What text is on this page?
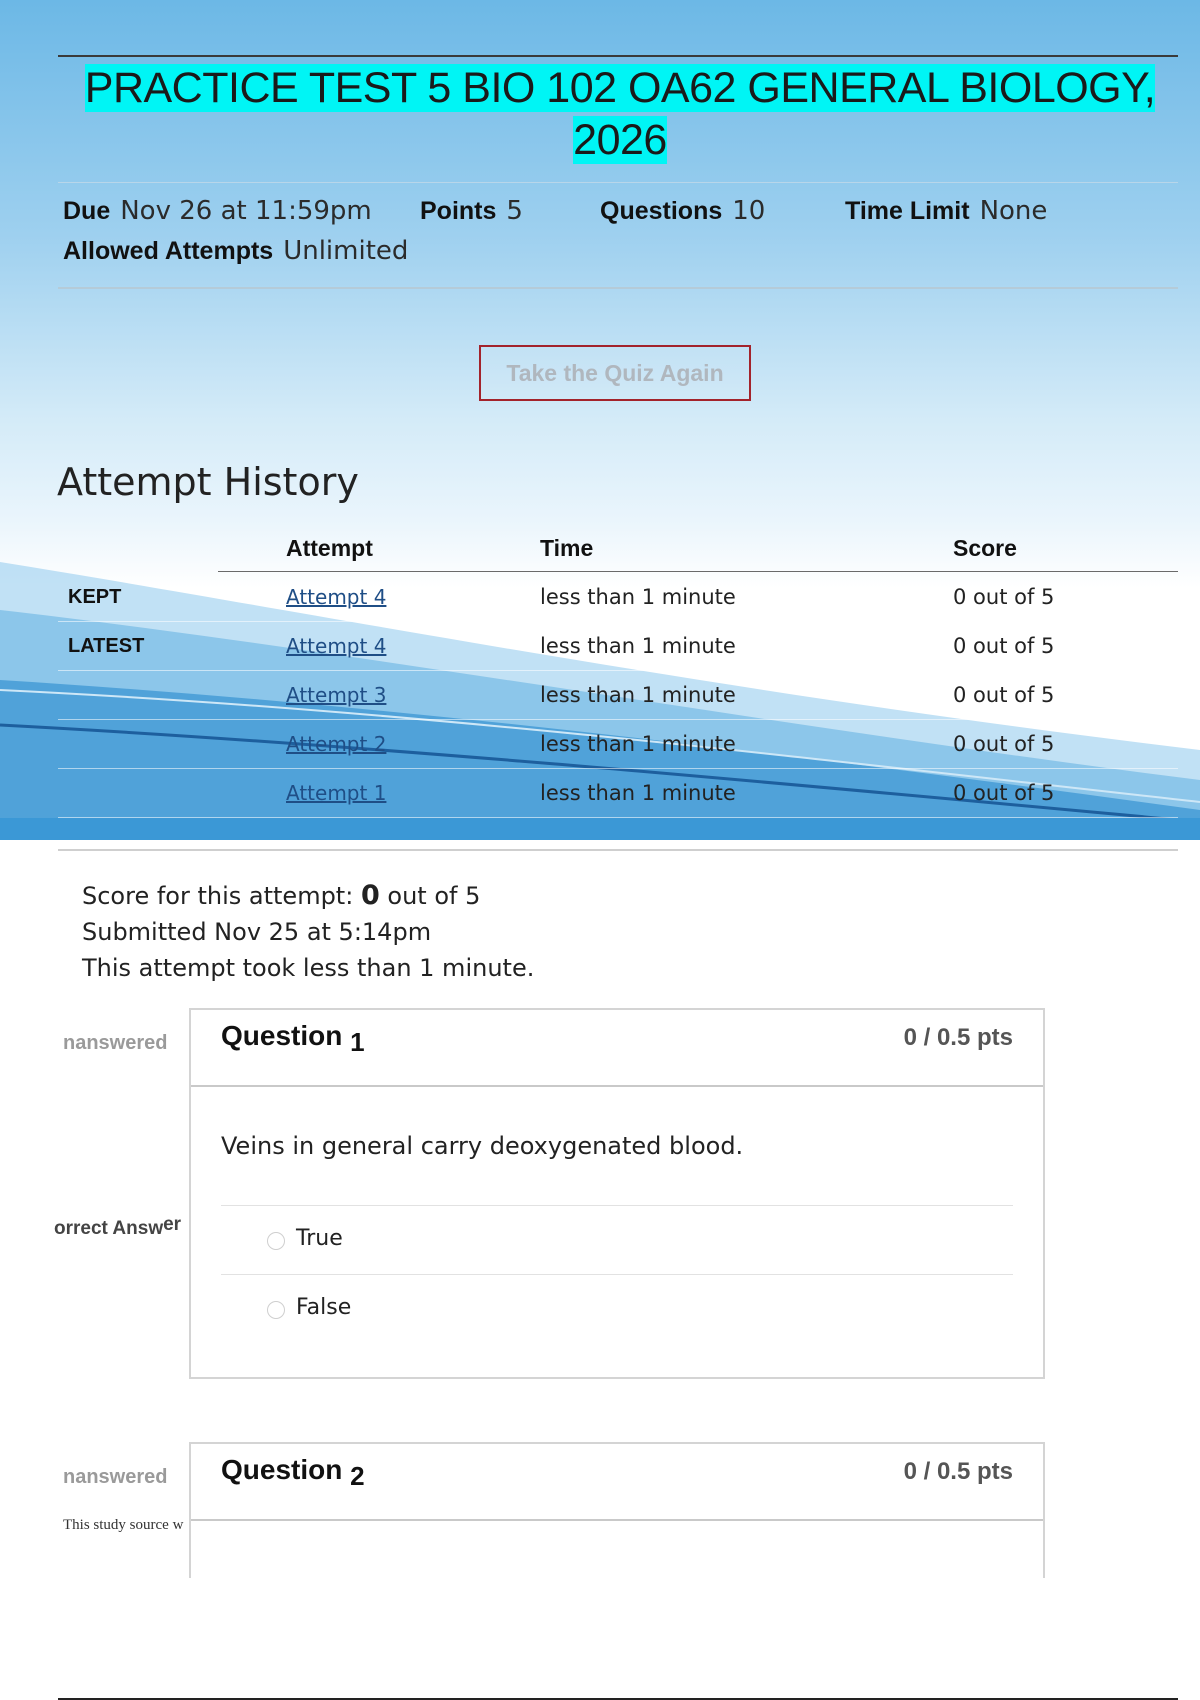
PRACTICE TEST 5 BIO 102 OA62 GENERAL BIOLOGY, 2026
Due Nov 26 at 11:59pm Points 5	Questions 10	Time Limit None
Allowed Attempts Unlimited
Take the Quiz Again
Attempt History
Attempt	Time	Score
KEPT	Attempt 4	less than 1 minute	0 out of 5
LATEST	Attempt 4	less than 1 minute	0 out of 5
Attempt 3	less than 1 minute	0 out of 5
Attempt 2	less than 1 minute	0 out of 5
Attempt 1	less than 1 minute	0 out of 5
Score for this attempt: 0 out of 5
Submitted Nov 25 at 5:14pm
This attempt took less than 1 minute.
nanswered
orrect Answer
Question 1	0 / 0.5 pts
Veins in general carry deoxygenated blood.
True
False
nanswered
This study source w
Question 2	0 / 0.5 pts
